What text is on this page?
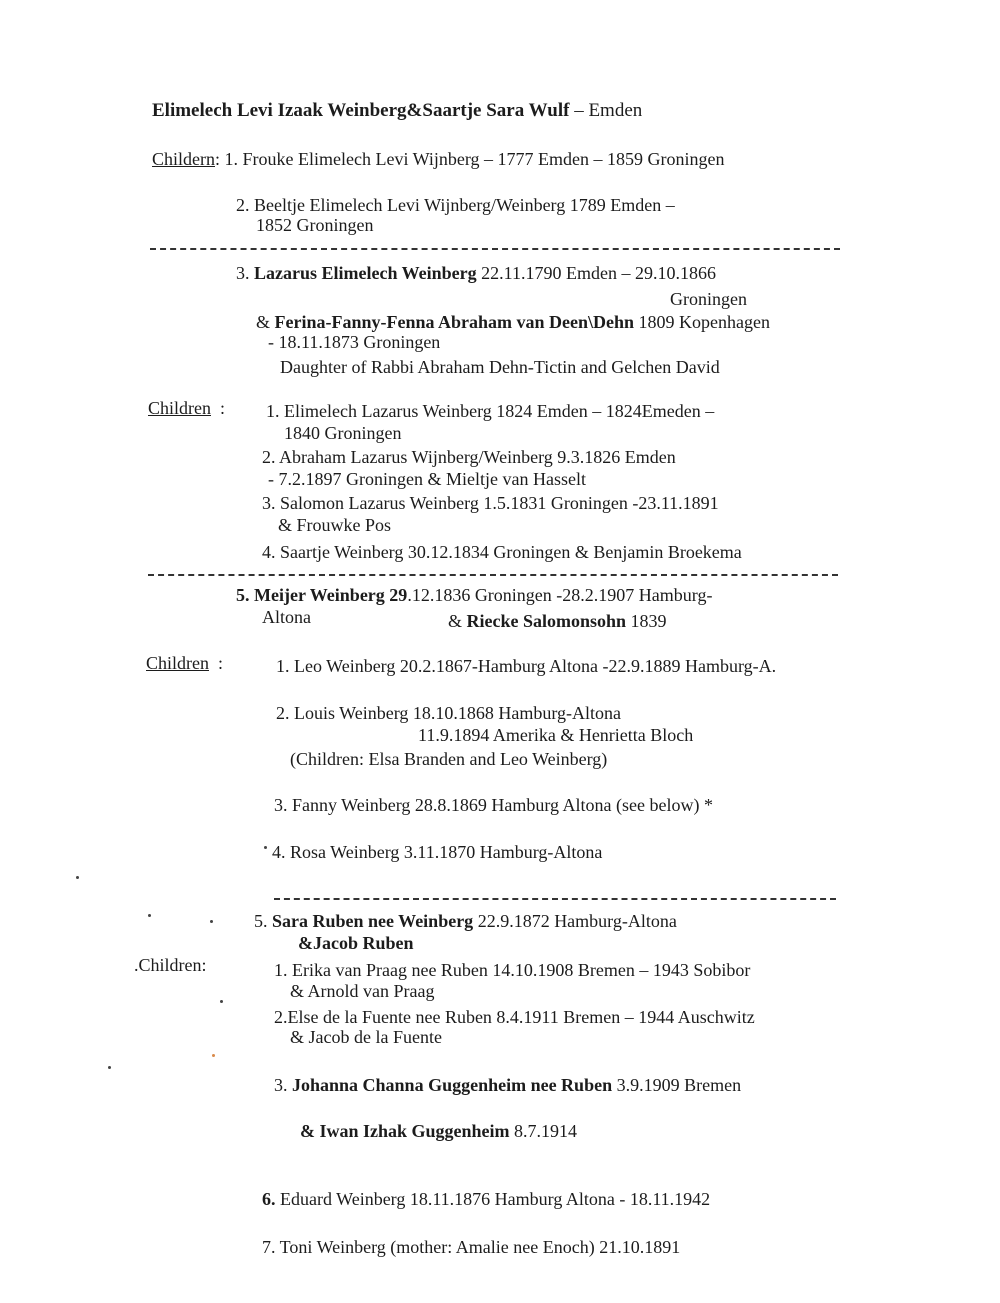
Elimelech Levi Izaak Weinberg&Saartje Sara Wulf – Emden
Childern: 1. Frouke Elimelech Levi Wijnberg – 1777 Emden – 1859 Groningen
2. Beeltje Elimelech Levi Wijnberg/Weinberg 1789 Emden –
1852 Groningen
3. Lazarus Elimelech Weinberg 22.11.1790 Emden – 29.10.1866
Groningen
& Ferina-Fanny-Fenna Abraham van Deen\Dehn 1809 Kopenhagen
- 18.11.1873 Groningen
Daughter of Rabbi Abraham Dehn-Tictin and Gelchen David
Children : 1. Elimelech Lazarus Weinberg 1824 Emden – 1824Emeden –
1840 Groningen
2. Abraham Lazarus Wijnberg/Weinberg 9.3.1826 Emden
- 7.2.1897 Groningen & Mieltje van Hasselt
3. Salomon Lazarus Weinberg 1.5.1831 Groningen -23.11.1891
& Frouwke Pos
4. Saartje Weinberg 30.12.1834 Groningen & Benjamin Broekema
5. Meijer Weinberg 29.12.1836 Groningen -28.2.1907 Hamburg-
Altona	& Riecke Salomonsohn 1839
Children :	1. Leo Weinberg 20.2.1867-Hamburg Altona -22.9.1889 Hamburg-A.
2. Louis Weinberg 18.10.1868 Hamburg-Altona
11.9.1894 Amerika & Henrietta Bloch
(Children: Elsa Branden and Leo Weinberg)
3. Fanny Weinberg 28.8.1869 Hamburg Altona (see below) *
4. Rosa Weinberg 3.11.1870 Hamburg-Altona
5. Sara Ruben nee Weinberg 22.9.1872 Hamburg-Altona
&Jacob Ruben
.Children:	1. Erika van Praag nee Ruben 14.10.1908 Bremen – 1943 Sobibor
& Arnold van Praag
2.Else de la Fuente nee Ruben 8.4.1911 Bremen – 1944 Auschwitz
& Jacob de la Fuente
3. Johanna Channa Guggenheim nee Ruben 3.9.1909 Bremen
& Iwan Izhak Guggenheim 8.7.1914
6. Eduard Weinberg 18.11.1876 Hamburg Altona - 18.11.1942
7. Toni Weinberg (mother: Amalie nee Enoch) 21.10.1891
